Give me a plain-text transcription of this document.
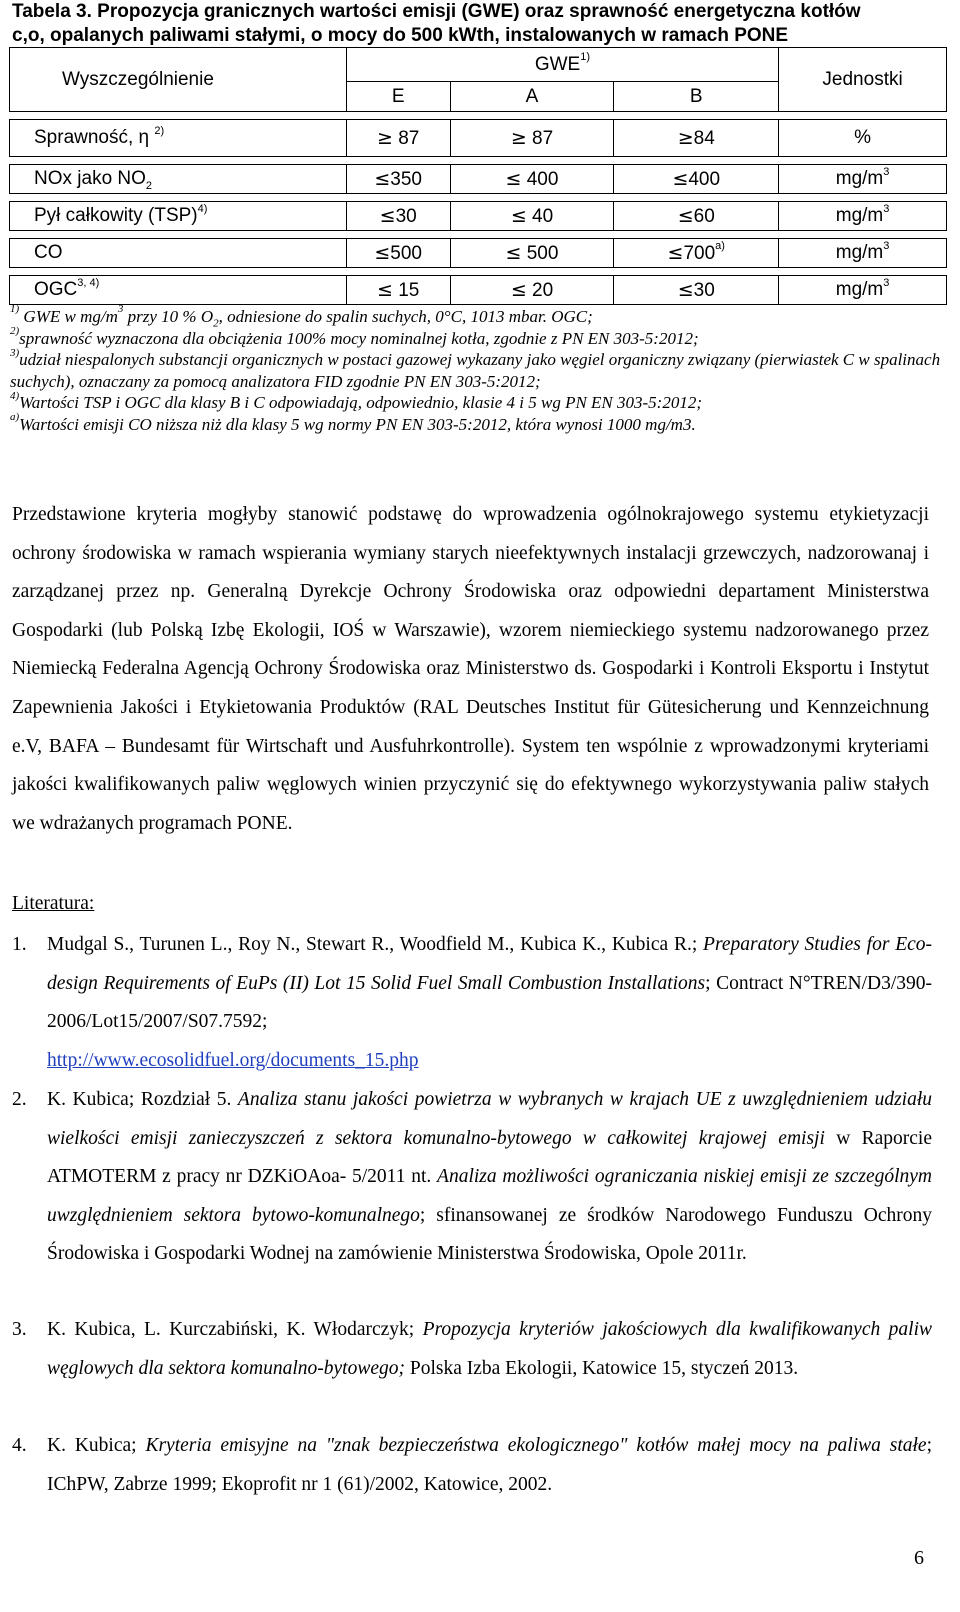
Tabela 3. Propozycja granicznych wartości emisji (GWE) oraz sprawność energetyczna kotłów
c,o, opalanych paliwami stałymi, o mocy do 500 kWth, instalowanych w ramach PONE
Wyszczególnienie	GWE$^{1)}$			Jednostki
	E	A	B	

Sprawność, η $^{2)}$	≥ 87	≥ 87	≥84	%

NOx jako $NO_2$	≤350	≤ 400	≤400	$mg/m^3$

Pył całkowity (TSP)$^{4)}$	≤30	≤ 40	≤60	$mg/m^3$

CO	≤500	≤ 500	$\le 700^{a)}$	$mg/m^3$

OGC$^{3, 4)}$	≤ 15	≤ 20	≤30	$mg/m^3$
$^{1)}$ GWE w $mg/m^3$ przy 10 % $O_2$, odniesione do spalin suchych, 0°C, 1013 mbar. OGC;
$^{2)}$sprawność wyznaczona dla obciążenia 100% mocy nominalnej kotła, zgodnie z PN EN 303-5:2012;
$^{3)}$udział niespalonych substancji organicznych w postaci gazowej wykazany jako węgiel organiczny związany (pierwiastek C w spalinach suchych), oznaczany za pomocą analizatora FID zgodnie PN EN 303-5:2012;
$^{4)}$Wartości TSP i OGC dla klasy B i C odpowiadają, odpowiednio, klasie 4 i 5 wg PN EN 303-5:2012;
$^{a)}$Wartości emisji CO niższa niż dla klasy 5 wg normy PN EN 303-5:2012, która wynosi 1000 mg/m3.
Przedstawione kryteria mogłyby stanowić podstawę do wprowadzenia ogólnokrajowego systemu etykietyzacji ochrony środowiska w ramach wspierania wymiany starych nieefektywnych instalacji grzewczych, nadzorowanaj i zarządzanej przez np. Generalną Dyrekcje Ochrony Środowiska oraz odpowiedni departament Ministerstwa Gospodarki (lub Polską Izbę Ekologii, IOŚ w Warszawie), wzorem niemieckiego systemu nadzorowanego przez Niemiecką Federalna Agencją Ochrony Środowiska oraz Ministerstwo ds. Gospodarki i Kontroli Eksportu i Instytut Zapewnienia Jakości i Etykietowania Produktów (RAL Deutsches Institut für Gütesicherung und Kennzeichnung e.V, BAFA – Bundesamt für Wirtschaft und Ausfuhrkontrolle). System ten wspólnie z wprowadzonymi kryteriami jakości kwalifikowanych paliw węglowych winien przyczynić się do efektywnego wykorzystywania paliw stałych we wdrażanych programach PONE.
Literatura:
1. Mudgal S., Turunen L., Roy N., Stewart R., Woodfield M., Kubica K., Kubica R.; Preparatory Studies for Eco-design Requirements of EuPs (II) Lot 15 Solid Fuel Small Combustion Installations; Contract N°TREN/D3/390-2006/Lot15/2007/S07.7592;
http://www.ecosolidfuel.org/documents_15.php
2. K. Kubica; Rozdział 5. Analiza stanu jakości powietrza w wybranych w krajach UE z uwzględnieniem udziału wielkości emisji zanieczyszczeń z sektora komunalno-bytowego w całkowitej krajowej emisji w Raporcie ATMOTERM z pracy nr DZKiOAoa- 5/2011 nt. Analiza możliwości ograniczania niskiej emisji ze szczególnym uwzględnieniem sektora bytowo-komunalnego; sfinansowanej ze środków Narodowego Funduszu Ochrony Środowiska i Gospodarki Wodnej na zamówienie Ministerstwa Środowiska, Opole 2011r.
3. K. Kubica, L. Kurczabiński, K. Włodarczyk; Propozycja kryteriów jakościowych dla kwalifikowanych paliw węglowych dla sektora komunalno-bytowego; Polska Izba Ekologii, Katowice 15, styczeń 2013.
4. K. Kubica; Kryteria emisyjne na "znak bezpieczeństwa ekologicznego" kotłów małej mocy na paliwa stałe; IChPW, Zabrze 1999; Ekoprofit nr 1 (61)/2002, Katowice, 2002.
6
